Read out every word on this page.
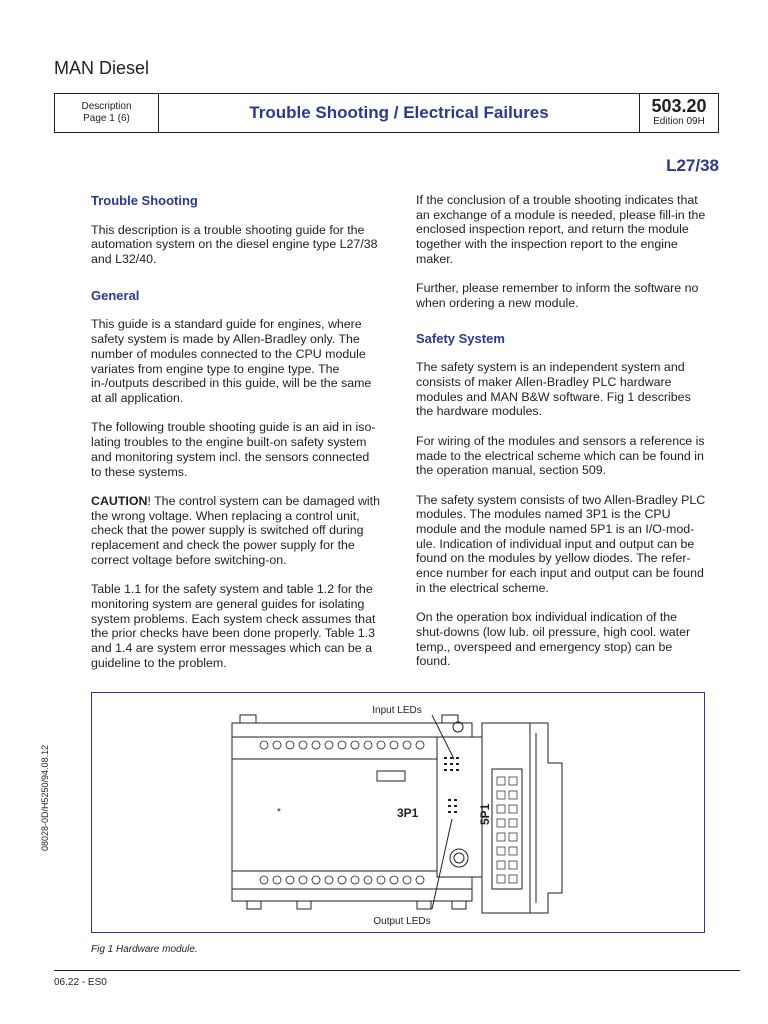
MAN Diesel
Description
Page 1 (6)	Trouble Shooting / Electrical Failures	503.20
Edition 09H
L27/38
Trouble Shooting

This description is a trouble shooting guide for the automation system on the diesel engine type L27/38 and L32/40.

General

This guide is a standard guide for engines, where safety system is made by Allen-Bradley only. The number of modules connected to the CPU module variates from engine type to engine type. The in-/outputs described in this guide, will be the same at all application.

The following trouble shooting guide is an aid in iso-lating troubles to the engine built-on safety system and monitoring system incl. the sensors connected to these systems.

CAUTION! The control system can be damaged with the wrong voltage. When replacing a control unit, check that the power supply is switched off during replacement and check the power supply for the correct voltage before switching-on.

Table 1.1 for the safety system and table 1.2 for the monitoring system are general guides for isolating system problems. Each system check assumes that the prior checks have been done properly. Table 1.3 and 1.4 are system error messages which can be a guideline to the problem.

If the conclusion of a trouble shooting indicates that an exchange of a module is needed, please fill-in the enclosed inspection report, and return the module together with the inspection report to the engine maker.

Further, please remember to inform the software no when ordering a new module.

Safety System

The safety system is an independent system and consists of maker Allen-Bradley PLC hardware modules and MAN B&W software. Fig 1 describes the hardware modules.

For wiring of the modules and sensors a reference is made to the electrical scheme which can be found in the operation manual, section 509.

The safety system consists of two Allen-Bradley PLC modules. The modules named 3P1 is the CPU module and the module named 5P1 is an I/O-mod-ule. Indication of individual input and output can be found on the modules by yellow diodes. The refer-ence number for each input and output can be found in the electrical scheme.

On the operation box individual indication of the shut-downs (low lub. oil pressure, high cool. water temp., overspeed and emergency stop) can be found.

Input LEDs
Output LEDs
3P1
*	5P1
Fig 1 Hardware module.
06.22 - ES0
08028-0D/H5250/94.08.12
